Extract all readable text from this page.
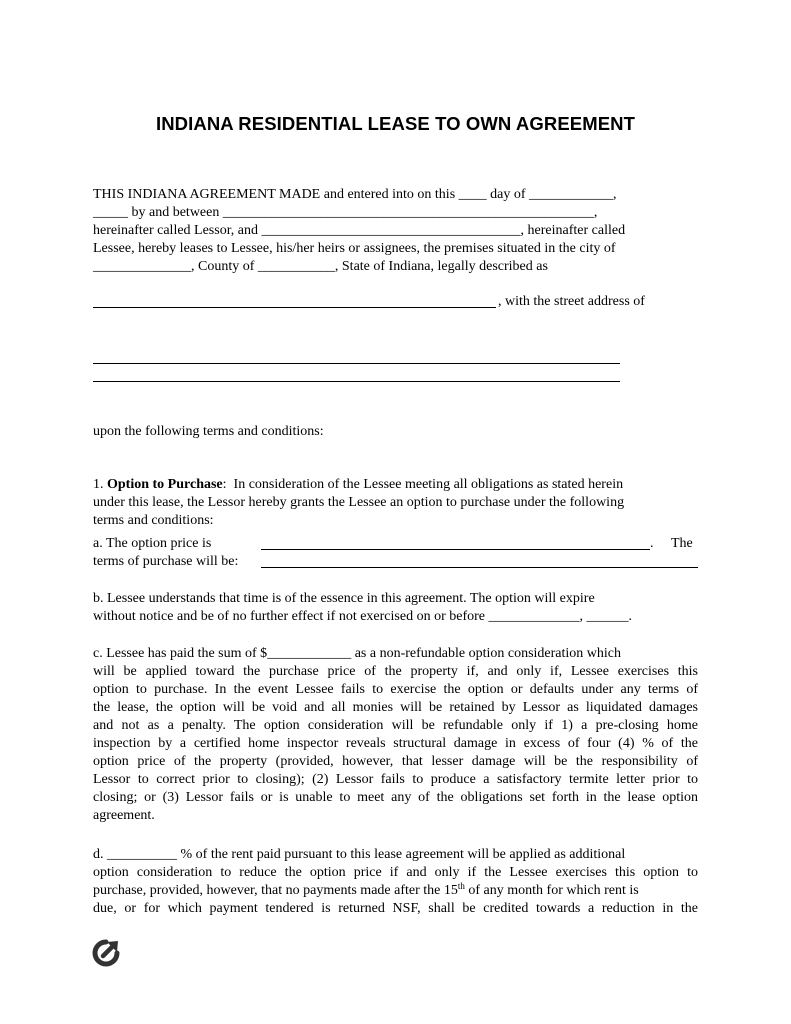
INDIANA RESIDENTIAL LEASE TO OWN AGREEMENT
THIS INDIANA AGREEMENT MADE and entered into on this ____ day of ____________,
_____ by and between _____________________________________________________,
hereinafter called Lessor, and _____________________________________, hereinafter called
Lessee, hereby leases to Lessee, his/her heirs or assignees, the premises situated in the city of
______________, County of ___________, State of Indiana, legally described as
, with the street address of
upon the following terms and conditions:
1. Option to Purchase: In consideration of the Lessee meeting all obligations as stated herein
under this lease, the Lessor hereby grants the Lessee an option to purchase under the following
terms and conditions:
a. The option price is	. The
terms of purchase will be:
b. Lessee understands that time is of the essence in this agreement. The option will expire
without notice and be of no further effect if not exercised on or before _____________, ______.
c. Lessee has paid the sum of $____________ as a non-refundable option consideration which
will be applied toward the purchase price of the property if, and only if, Lessee exercises this
option to purchase. In the event Lessee fails to exercise the option or defaults under any terms of
the lease, the option will be void and all monies will be retained by Lessor as liquidated damages
and not as a penalty. The option consideration will be refundable only if 1) a pre-closing home
inspection by a certified home inspector reveals structural damage in excess of four (4) % of the
option price of the property (provided, however, that lesser damage will be the responsibility of
Lessor to correct prior to closing); (2) Lessor fails to produce a satisfactory termite letter prior to
closing; or (3) Lessor fails or is unable to meet any of the obligations set forth in the lease option
agreement.
d. __________ % of the rent paid pursuant to this lease agreement will be applied as additional
option consideration to reduce the option price if and only if the Lessee exercises this option to
purchase, provided, however, that no payments made after the 15th of any month for which rent is
due, or for which payment tendered is returned NSF, shall be credited towards a reduction in the
